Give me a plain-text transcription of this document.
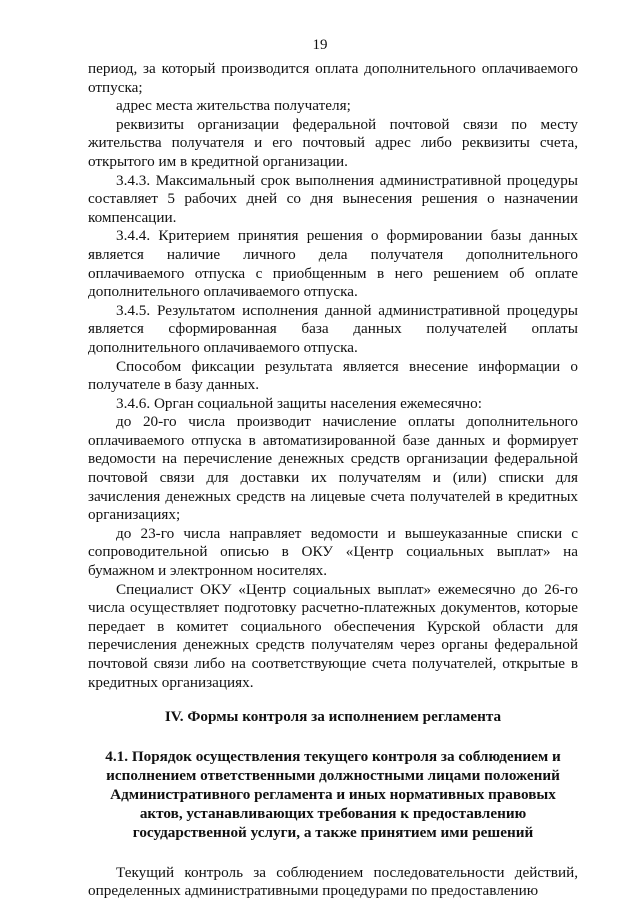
19

период, за который производится оплата дополнительного оплачиваемого отпуска;

адрес места жительства получателя;

реквизиты организации федеральной почтовой связи по месту жительства получателя и его почтовый адрес либо реквизиты счета, открытого им в кредитной организации.

3.4.3. Максимальный срок выполнения административной процедуры составляет 5 рабочих дней со дня вынесения решения о назначении компенсации.

3.4.4. Критерием принятия решения о формировании базы данных является наличие личного дела получателя дополнительного оплачиваемого отпуска с приобщенным в него решением об оплате дополнительного оплачиваемого отпуска.

3.4.5. Результатом исполнения данной административной процедуры является сформированная база данных получателей оплаты дополнительного оплачиваемого отпуска.

Способом фиксации результата является внесение информации о получателе в базу данных.

3.4.6. Орган социальной защиты населения ежемесячно:

до 20-го числа производит начисление оплаты дополнительного оплачиваемого отпуска в автоматизированной базе данных и формирует ведомости на перечисление денежных средств организации федеральной почтовой связи для доставки их получателям и (или) списки для зачисления денежных средств на лицевые счета получателей в кредитных организациях;

до 23-го числа направляет ведомости и вышеуказанные списки с сопроводительной описью в ОКУ «Центр социальных выплат» на бумажном и электронном носителях.

Специалист ОКУ «Центр социальных выплат» ежемесячно до 26-го числа осуществляет подготовку расчетно-платежных документов, которые передает в комитет социального обеспечения Курской области для перечисления денежных средств получателям через органы федеральной почтовой связи либо на соответствующие счета получателей, открытые в кредитных организациях.

IV. Формы контроля за исполнением регламента
4.1. Порядок осуществления текущего контроля за соблюдением и исполнением ответственными должностными лицами положений Административного регламента и иных нормативных правовых актов, устанавливающих требования к предоставлению государственной услуги, а также принятием ими решений

Текущий контроль за соблюдением последовательности действий, определенных административными процедурами по предоставлению
